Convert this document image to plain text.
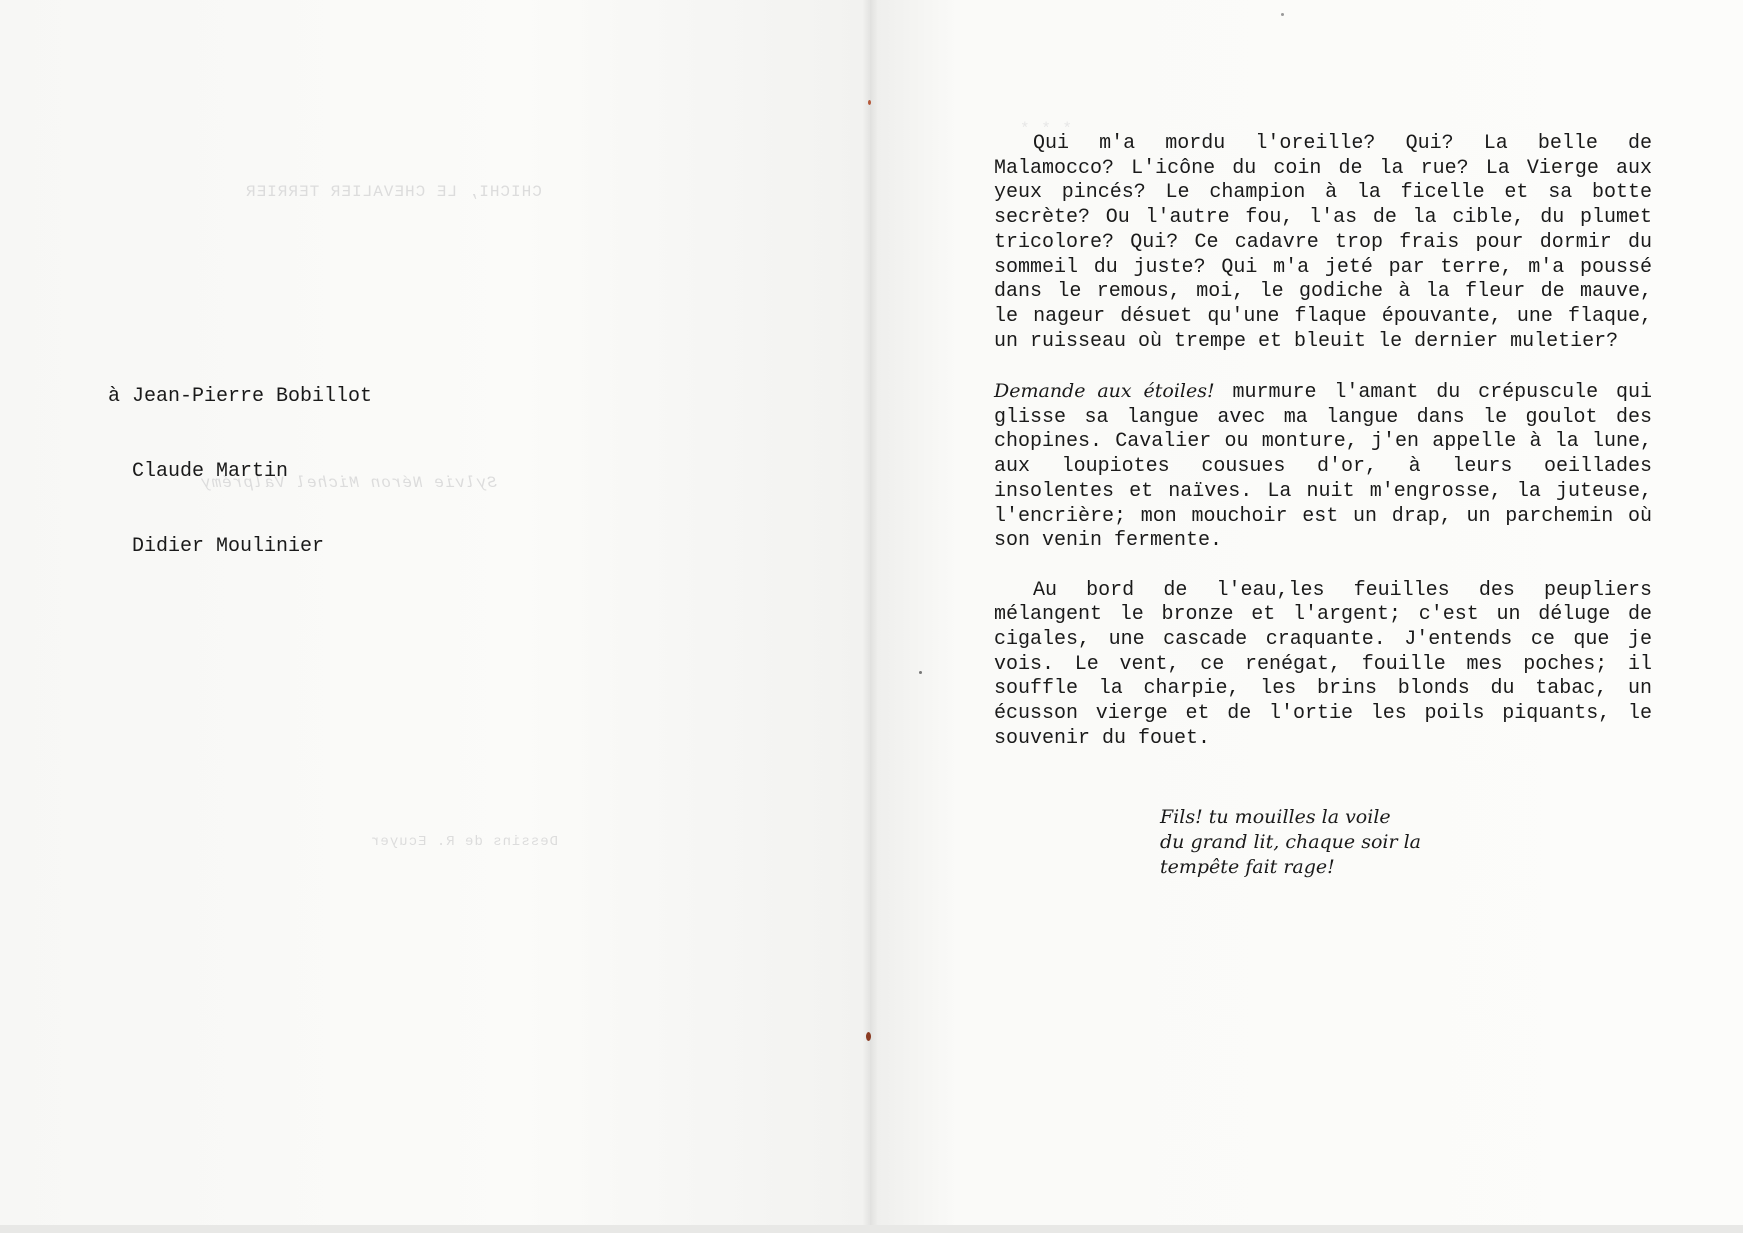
CHICHI, LE CHEVALIER TERRIER
Sylvie Néron Michel Valprémy
Dessins de R. Ecuyer

à Jean-Pierre Bobillot

Claude Martin

Didier Moulinier

* * *

Qui m'a mordu l'oreille? Qui? La belle de Malamocco? L'icône du coin de la rue? La Vierge aux yeux pincés? Le champion à la ficelle et sa botte secrète? Ou l'autre fou, l'as de la cible, du plumet tricolore? Qui? Ce cadavre trop frais pour dormir du sommeil du juste? Qui m'a jeté par terre, m'a poussé dans le remous, moi, le godiche à la fleur de mauve, le nageur désuet qu'une flaque épouvante, une flaque, un ruisseau où trempe et bleuit le dernier muletier?

Demande aux étoiles! murmure l'amant du crépuscule qui glisse sa langue avec ma langue dans le goulot des chopines. Cavalier ou monture, j'en appelle à la lune, aux loupiotes cousues d'or, à leurs oeillades insolentes et naïves. La nuit m'engrosse, la juteuse, l'encrière; mon mouchoir est un drap, un parchemin où son venin fermente.

Au bord de l'eau,les feuilles des peupliers mélangent le bronze et l'argent; c'est un déluge de cigales, une cascade craquante. J'entends ce que je vois. Le vent, ce renégat, fouille mes poches; il souffle la charpie, les brins blonds du tabac, un écusson vierge et de l'ortie les poils piquants, le souvenir du fouet.

Fils! tu mouilles la voile
du grand lit, chaque soir la
tempête fait rage!
